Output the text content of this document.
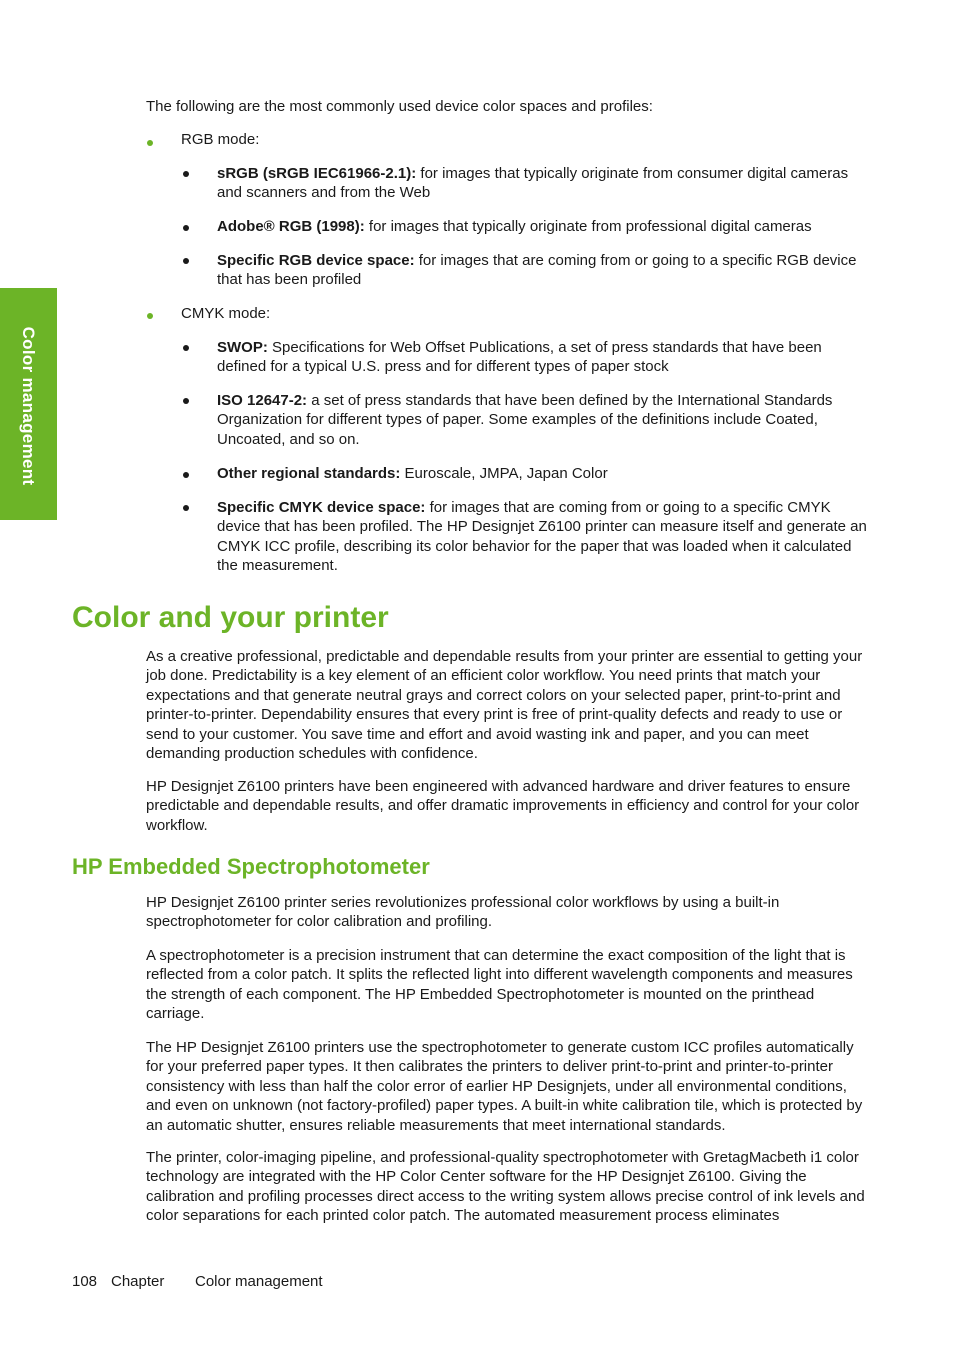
Color management

The following are the most commonly used device color spaces and profiles:

RGB mode:

sRGB (sRGB IEC61966-2.1): for images that typically originate from consumer digital cameras and scanners and from the Web

Adobe® RGB (1998): for images that typically originate from professional digital cameras

Specific RGB device space: for images that are coming from or going to a specific RGB device that has been profiled

CMYK mode:

SWOP: Specifications for Web Offset Publications, a set of press standards that have been defined for a typical U.S. press and for different types of paper stock

ISO 12647-2: a set of press standards that have been defined by the International Standards Organization for different types of paper. Some examples of the definitions include Coated, Uncoated, and so on.

Other regional standards: Euroscale, JMPA, Japan Color

Specific CMYK device space: for images that are coming from or going to a specific CMYK device that has been profiled. The HP Designjet Z6100 printer can measure itself and generate an CMYK ICC profile, describing its color behavior for the paper that was loaded when it calculated the measurement.

Color and your printer

As a creative professional, predictable and dependable results from your printer are essential to getting your job done. Predictability is a key element of an efficient color workflow. You need prints that match your expectations and that generate neutral grays and correct colors on your selected paper, print-to-print and printer-to-printer. Dependability ensures that every print is free of print-quality defects and ready to use or send to your customer. You save time and effort and avoid wasting ink and paper, and you can meet demanding production schedules with confidence.

HP Designjet Z6100 printers have been engineered with advanced hardware and driver features to ensure predictable and dependable results, and offer dramatic improvements in efficiency and control for your color workflow.

HP Embedded Spectrophotometer

HP Designjet Z6100 printer series revolutionizes professional color workflows by using a built-in spectrophotometer for color calibration and profiling.

A spectrophotometer is a precision instrument that can determine the exact composition of the light that is reflected from a color patch. It splits the reflected light into different wavelength components and measures the strength of each component. The HP Embedded Spectrophotometer is mounted on the printhead carriage.

The HP Designjet Z6100 printers use the spectrophotometer to generate custom ICC profiles automatically for your preferred paper types. It then calibrates the printers to deliver print-to-print and printer-to-printer consistency with less than half the color error of earlier HP Designjets, under all environmental conditions, and even on unknown (not factory-profiled) paper types. A built-in white calibration tile, which is protected by an automatic shutter, ensures reliable measurements that meet international standards.

The printer, color-imaging pipeline, and professional-quality spectrophotometer with GretagMacbeth i1 color technology are integrated with the HP Color Center software for the HP Designjet Z6100. Giving the calibration and profiling processes direct access to the writing system allows precise control of ink levels and color separations for each printed color patch. The automated measurement process eliminates

108 Chapter Color management
